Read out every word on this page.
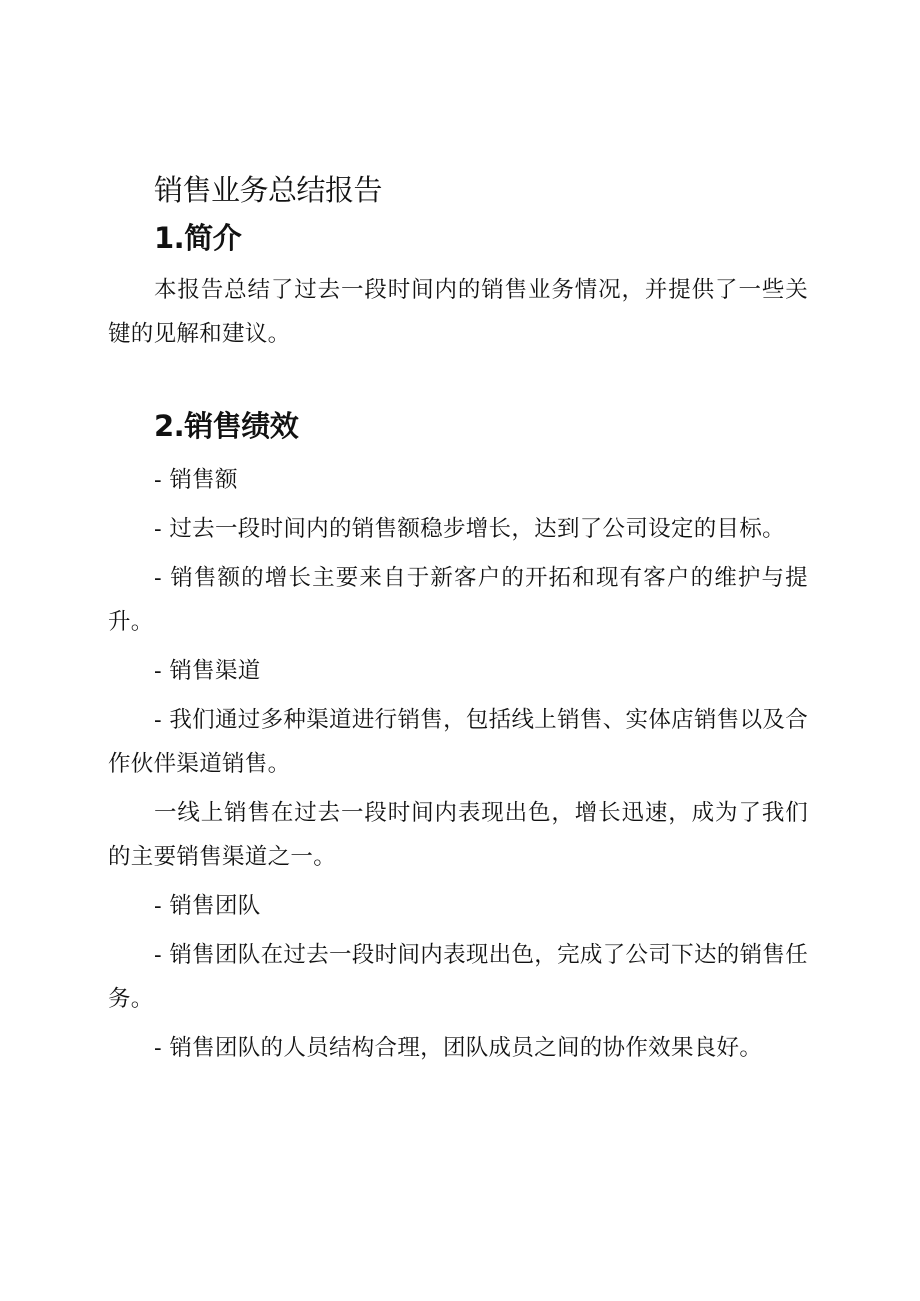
销售业务总结报告
1.简介

本报告总结了过去一段时间内的销售业务情况，并提供了一些关键的见解和建议。

2.销售绩效

- 销售额

- 过去一段时间内的销售额稳步增长，达到了公司设定的目标。

- 销售额的增长主要来自于新客户的开拓和现有客户的维护与提升。

- 销售渠道

- 我们通过多种渠道进行销售，包括线上销售、实体店销售以及合作伙伴渠道销售。

一线上销售在过去一段时间内表现出色，增长迅速，成为了我们的主要销售渠道之一。

- 销售团队

- 销售团队在过去一段时间内表现出色，完成了公司下达的销售任务。

- 销售团队的人员结构合理，团队成员之间的协作效果良好。
